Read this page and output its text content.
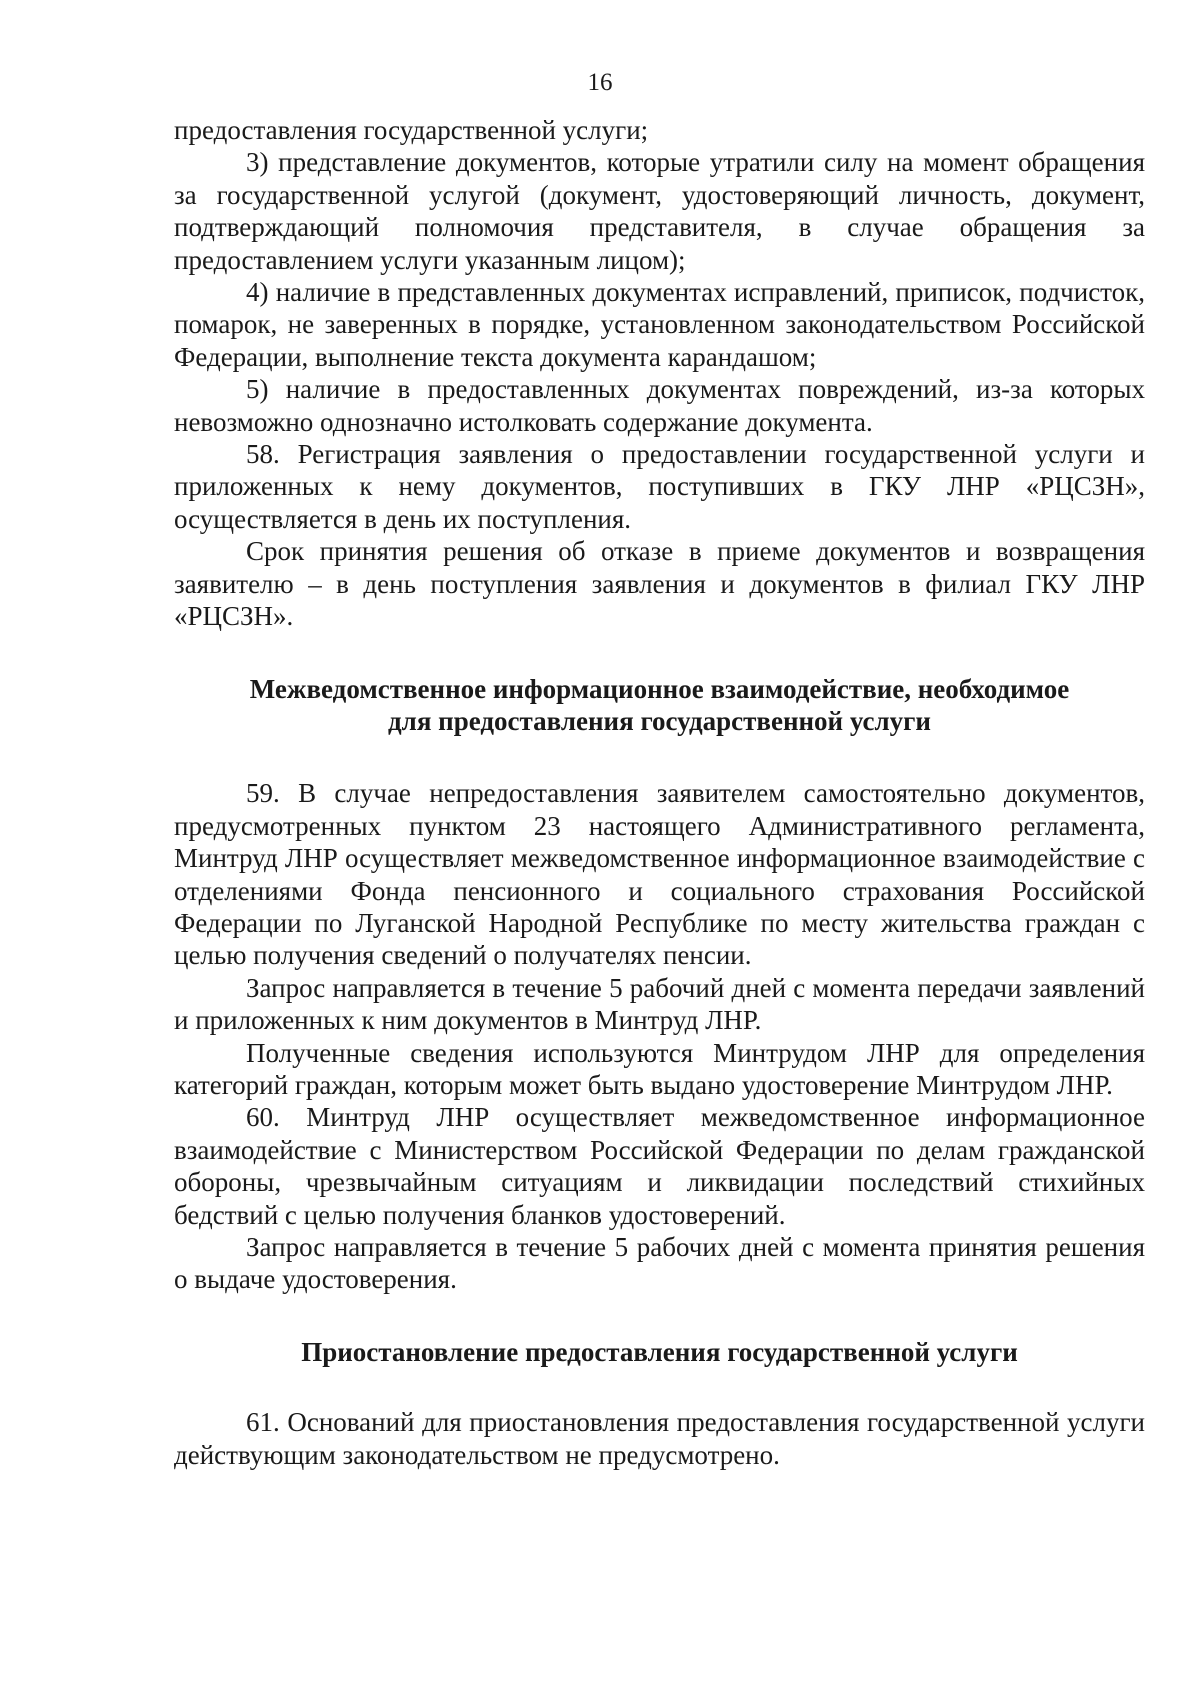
16

предоставления государственной услуги;

3) представление документов, которые утратили силу на момент обращения за государственной услугой (документ, удостоверяющий личность, документ, подтверждающий полномочия представителя, в случае обращения за предоставлением услуги указанным лицом);

4) наличие в представленных документах исправлений, приписок, подчисток, помарок, не заверенных в порядке, установленном законодательством Российской Федерации, выполнение текста документа карандашом;

5) наличие в предоставленных документах повреждений, из-за которых невозможно однозначно истолковать содержание документа.

58. Регистрация заявления о предоставлении государственной услуги и приложенных к нему документов, поступивших в ГКУ ЛНР «РЦСЗН», осуществляется в день их поступления.

Срок принятия решения об отказе в приеме документов и возвращения заявителю – в день поступления заявления и документов в филиал ГКУ ЛНР «РЦСЗН».

Межведомственное информационное взаимодействие, необходимое
для предоставления государственной услуги

59. В случае непредоставления заявителем самостоятельно документов, предусмотренных пунктом 23 настоящего Административного регламента, Минтруд ЛНР осуществляет межведомственное информационное взаимодействие с отделениями Фонда пенсионного и социального страхования Российской Федерации по Луганской Народной Республике по месту жительства граждан с целью получения сведений о получателях пенсии.

Запрос направляется в течение 5 рабочий дней с момента передачи заявлений и приложенных к ним документов в Минтруд ЛНР.

Полученные сведения используются Минтрудом ЛНР для определения категорий граждан, которым может быть выдано удостоверение Минтрудом ЛНР.

60. Минтруд ЛНР осуществляет межведомственное информационное взаимодействие с Министерством Российской Федерации по делам гражданской обороны, чрезвычайным ситуациям и ликвидации последствий стихийных бедствий с целью получения бланков удостоверений.

Запрос направляется в течение 5 рабочих дней с момента принятия решения о выдаче удостоверения.

Приостановление предоставления государственной услуги

61. Оснований для приостановления предоставления государственной услуги действующим законодательством не предусмотрено.
